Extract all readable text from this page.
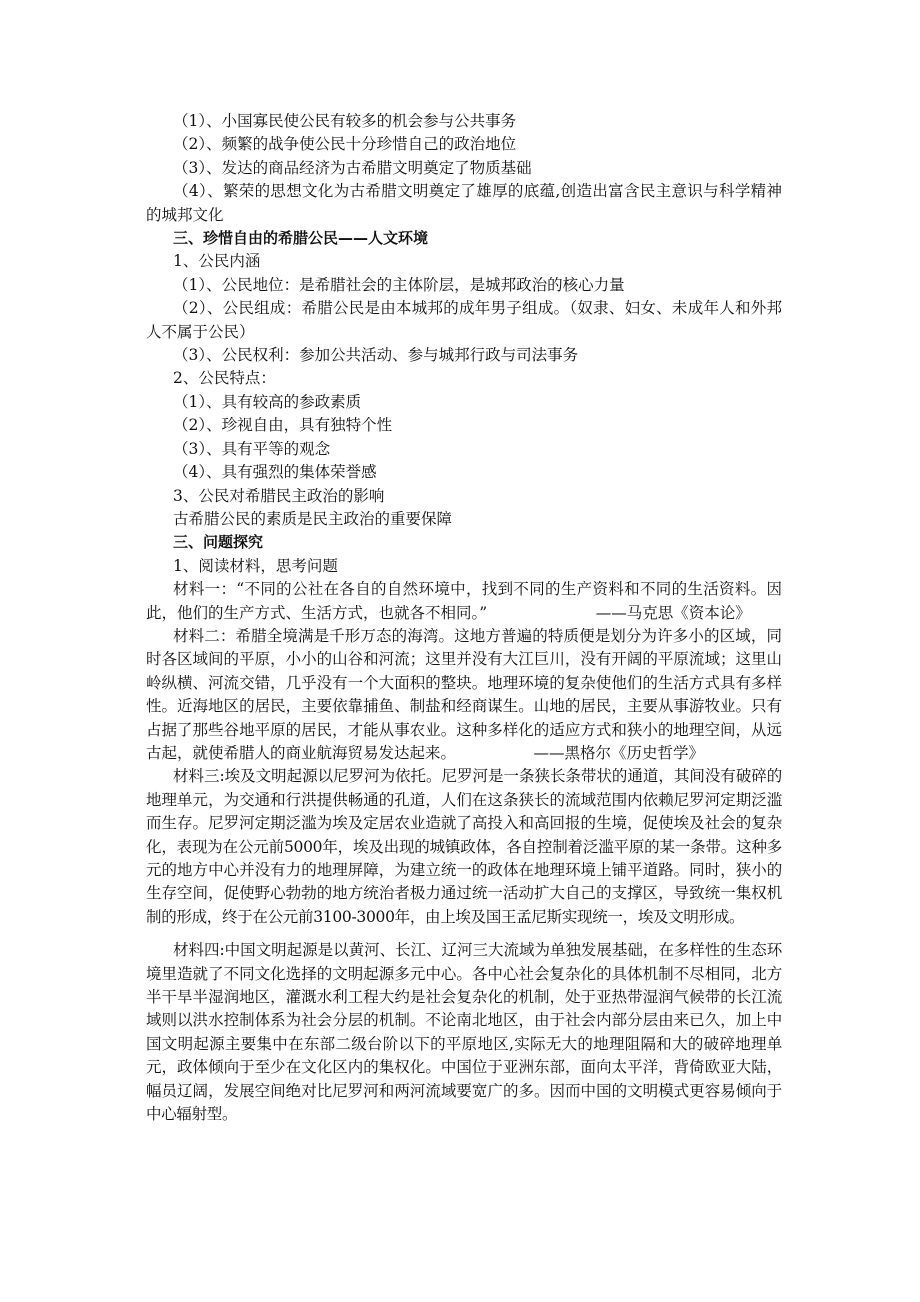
（1）、小国寡民使公民有较多的机会参与公共事务

（2）、频繁的战争使公民十分珍惜自己的政治地位

（3）、发达的商品经济为古希腊文明奠定了物质基础

（4）、繁荣的思想文化为古希腊文明奠定了雄厚的底蕴,创造出富含民主意识与科学精神的城邦文化

三、珍惜自由的希腊公民——人文环境

1、公民内涵

（1）、公民地位：是希腊社会的主体阶层，是城邦政治的核心力量

（2）、公民组成：希腊公民是由本城邦的成年男子组成。（奴隶、妇女、未成年人和外邦人不属于公民）

（3）、公民权利：参加公共活动、参与城邦行政与司法事务

2、公民特点：

（1）、具有较高的参政素质

（2）、珍视自由，具有独特个性

（3）、具有平等的观念

（4）、具有强烈的集体荣誉感

3、公民对希腊民主政治的影响

古希腊公民的素质是民主政治的重要保障

三、问题探究

1、阅读材料，思考问题

材料一：“不同的公社在各自的自然环境中，找到不同的生产资料和不同的生活资料。因此，他们的生产方式、生活方式，也就各不相同。”       	——马克思《资本论》

材料二：希腊全境满是千形万态的海湾。这地方普遍的特质便是划分为许多小的区域，同时各区域间的平原，小小的山谷和河流；这里并没有大江巨川，没有开阔的平原流域；这里山岭纵横、河流交错，几乎没有一个大面积的整块。地理环境的复杂使他们的生活方式具有多样性。近海地区的居民，主要依靠捕鱼、制盐和经商谋生。山地的居民，主要从事游牧业。只有占据了那些谷地平原的居民，才能从事农业。这种多样化的适应方式和狭小的地理空间，从远古起，就使希腊人的商业航海贸易发达起来。     	——黑格尔《历史哲学》

材料三:埃及文明起源以尼罗河为依托。尼罗河是一条狭长条带状的通道，其间没有破碎的地理单元，为交通和行洪提供畅通的孔道，人们在这条狭长的流域范围内依赖尼罗河定期泛滥而生存。尼罗河定期泛滥为埃及定居农业造就了高投入和高回报的生境，促使埃及社会的复杂化，表现为在公元前5000年，埃及出现的城镇政体，各自控制着泛滥平原的某一条带。这种多元的地方中心并没有力的地理屏障，为建立统一的政体在地理环境上铺平道路。同时，狭小的生存空间，促使野心勃勃的地方统治者极力通过统一活动扩大自己的支撑区，导致统一集权机制的形成，终于在公元前3100-3000年，由上埃及国王孟尼斯实现统一，埃及文明形成。

材料四:中国文明起源是以黄河、长江、辽河三大流域为单独发展基础，在多样性的生态环境里造就了不同文化选择的文明起源多元中心。各中心社会复杂化的具体机制不尽相同，北方半干旱半湿润地区，灌溉水利工程大约是社会复杂化的机制，处于亚热带湿润气候带的长江流域则以洪水控制体系为社会分层的机制。不论南北地区，由于社会内部分层由来已久，加上中国文明起源主要集中在东部二级台阶以下的平原地区,实际无大的地理阻隔和大的破碎地理单元，政体倾向于至少在文化区内的集权化。中国位于亚洲东部，面向太平洋，背倚欧亚大陆，幅员辽阔，发展空间绝对比尼罗河和两河流域要宽广的多。因而中国的文明模式更容易倾向于中心辐射型。
